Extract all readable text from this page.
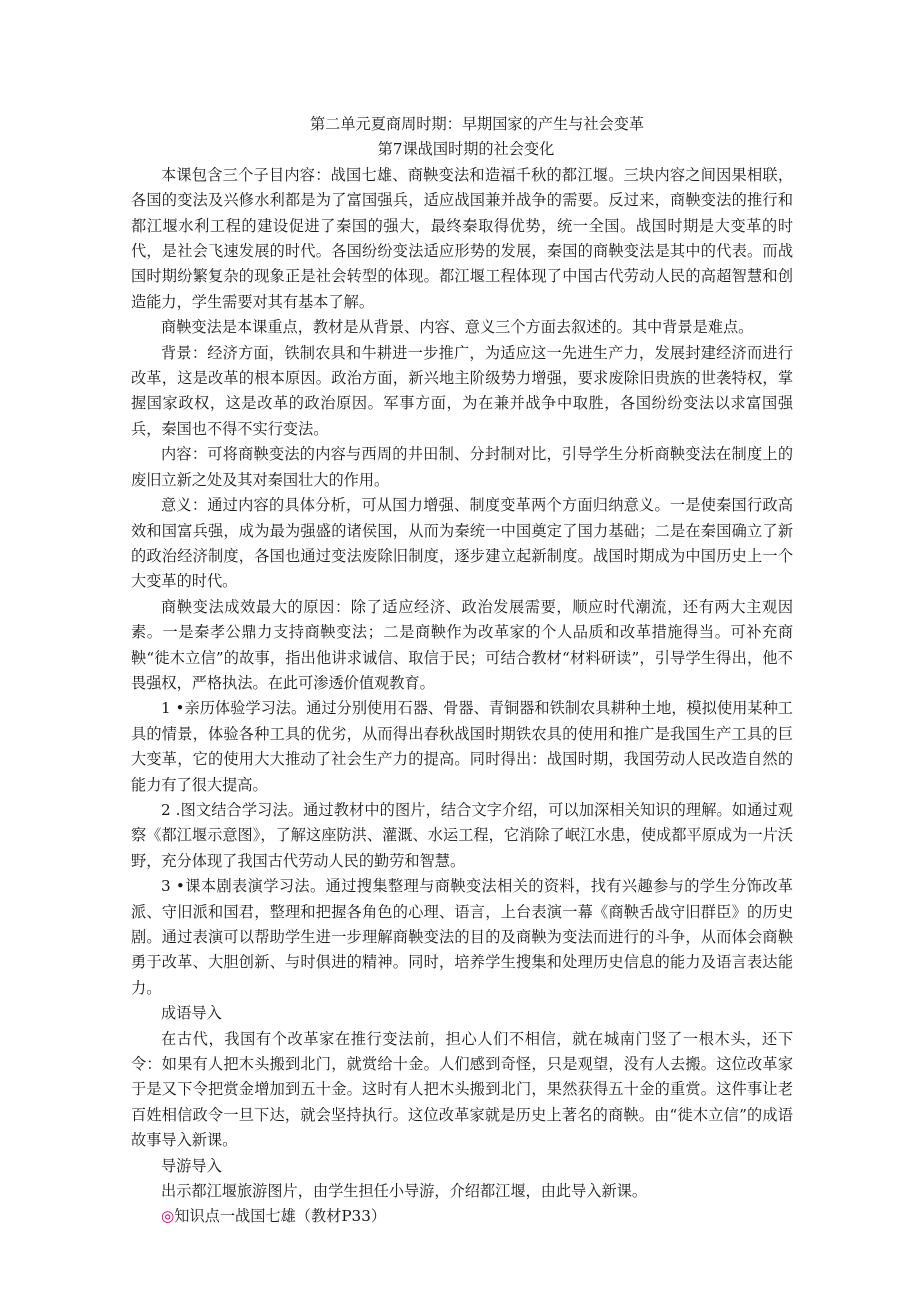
第二单元夏商周时期：早期国家的产生与社会变革
第7课战国时期的社会变化

本课包含三个子目内容：战国七雄、商鞅变法和造福千秋的都江堰。三块内容之间因果相联，各国的变法及兴修水利都是为了富国强兵，适应战国兼并战争的需要。反过来，商鞅变法的推行和都江堰水利工程的建设促进了秦国的强大，最终秦取得优势，统一全国。战国时期是大变革的时代，是社会飞速发展的时代。各国纷纷变法适应形势的发展，秦国的商鞅变法是其中的代表。而战国时期纷繁复杂的现象正是社会转型的体现。都江堰工程体现了中国古代劳动人民的高超智慧和创造能力，学生需要对其有基本了解。

商鞅变法是本课重点，教材是从背景、内容、意义三个方面去叙述的。其中背景是难点。

背景：经济方面，铁制农具和牛耕进一步推广，为适应这一先进生产力，发展封建经济而进行改革，这是改革的根本原因。政治方面，新兴地主阶级势力增强，要求废除旧贵族的世袭特权，掌握国家政权，这是改革的政治原因。军事方面，为在兼并战争中取胜，各国纷纷变法以求富国强兵，秦国也不得不实行变法。

内容：可将商鞅变法的内容与西周的井田制、分封制对比，引导学生分析商鞅变法在制度上的废旧立新之处及其对秦国壮大的作用。

意义：通过内容的具体分析，可从国力增强、制度变革两个方面归纳意义。一是使秦国行政高效和国富兵强，成为最为强盛的诸侯国，从而为秦统一中国奠定了国力基础；二是在秦国确立了新的政治经济制度，各国也通过变法废除旧制度，逐步建立起新制度。战国时期成为中国历史上一个大变革的时代。

商鞅变法成效最大的原因：除了适应经济、政治发展需要，顺应时代潮流，还有两大主观因素。一是秦孝公鼎力支持商鞅变法；二是商鞅作为改革家的个人品质和改革措施得当。可补充商鞅“徙木立信”的故事，指出他讲求诚信、取信于民；可结合教材“材料研读”，引导学生得出，他不畏强权，严格执法。在此可渗透价值观教育。

1 •亲历体验学习法。通过分别使用石器、骨器、青铜器和铁制农具耕种土地，模拟使用某种工具的情景，体验各种工具的优劣，从而得出春秋战国时期铁农具的使用和推广是我国生产工具的巨大变革，它的使用大大推动了社会生产力的提高。同时得出：战国时期，我国劳动人民改造自然的能力有了很大提高。

2 .图文结合学习法。通过教材中的图片，结合文字介绍，可以加深相关知识的理解。如通过观察《都江堰示意图》，了解这座防洪、灌溉、水运工程，它消除了岷江水患，使成都平原成为一片沃野，充分体现了我国古代劳动人民的勤劳和智慧。

3 •课本剧表演学习法。通过搜集整理与商鞅变法相关的资料，找有兴趣参与的学生分饰改革派、守旧派和国君，整理和把握各角色的心理、语言，上台表演一幕《商鞅舌战守旧群臣》的历史剧。通过表演可以帮助学生进一步理解商鞅变法的目的及商鞅为变法而进行的斗争，从而体会商鞅勇于改革、大胆创新、与时俱进的精神。同时，培养学生搜集和处理历史信息的能力及语言表达能力。

成语导入

在古代，我国有个改革家在推行变法前，担心人们不相信，就在城南门竖了一根木头，还下令：如果有人把木头搬到北门，就赏给十金。人们感到奇怪，只是观望，没有人去搬。这位改革家于是又下令把赏金增加到五十金。这时有人把木头搬到北门，果然获得五十金的重赏。这件事让老百姓相信政令一旦下达，就会坚持执行。这位改革家就是历史上著名的商鞅。由“徙木立信”的成语故事导入新课。

导游导入

出示都江堰旅游图片，由学生担任小导游，介绍都江堰，由此导入新课。

◎知识点一战国七雄（教材P33）
